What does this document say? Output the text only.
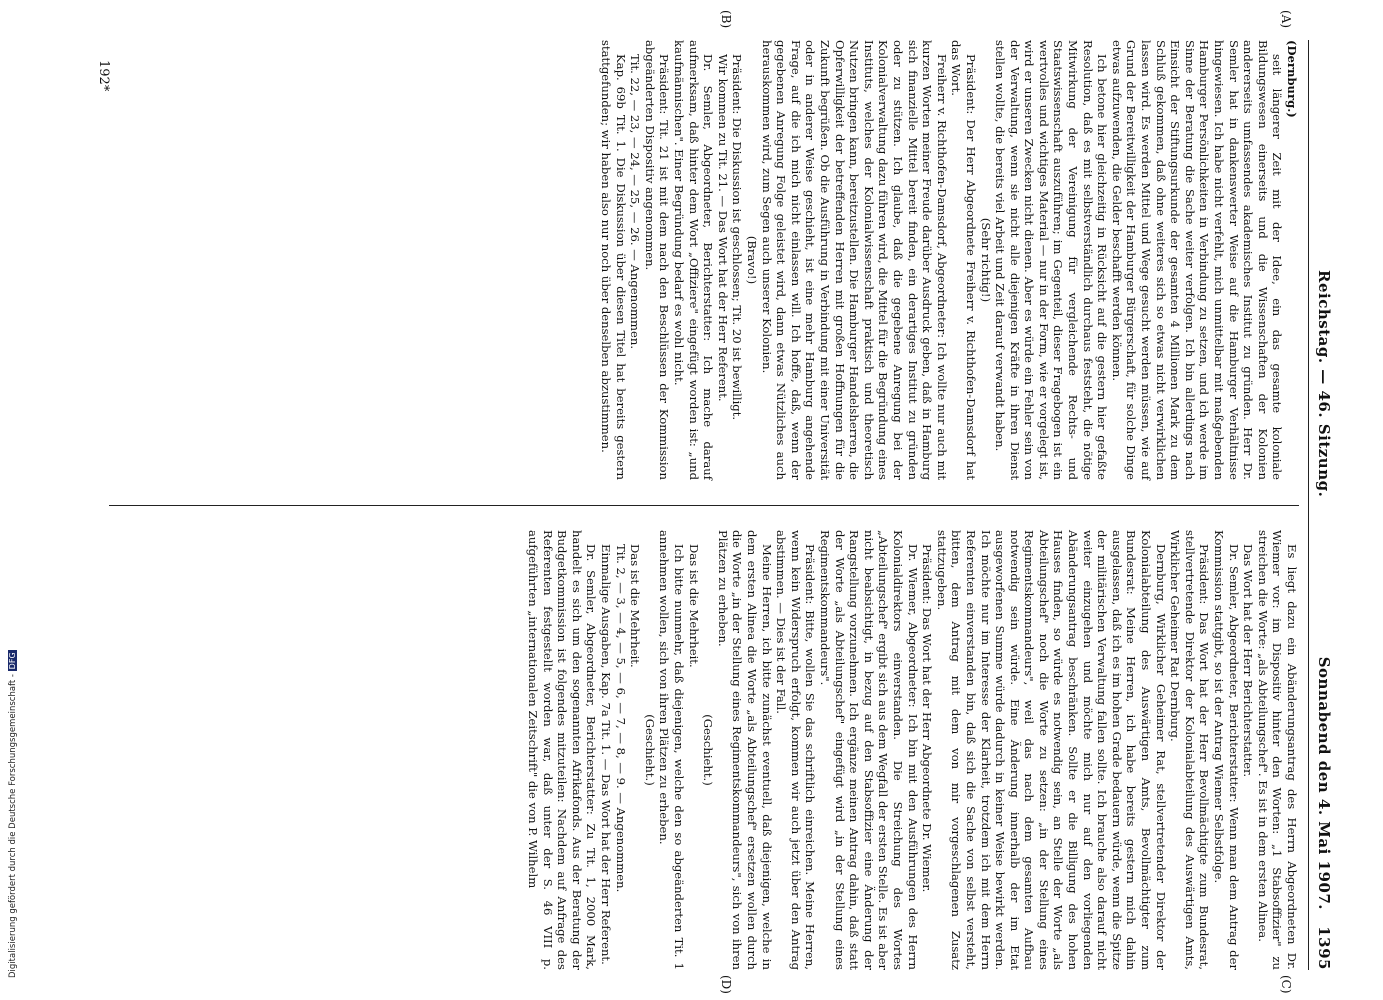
Reichstag. — 46. Sitzung.
Sonnabend den 4. Mai 1907.
1395

(Dernburg.)

seit längerer Zeit mit der Idee, ein das gesamte koloniale Bildungswesen einerseits und die Wissenschaften der Kolonien andererseits umfassendes akademisches Institut zu gründen. Herr Dr. Semler hat in dankenswerter Weise auf die Hamburger Verhältnisse hingewiesen. Ich habe nicht verfehlt, mich unmittelbar mit maßgebenden Hamburger Persönlichkeiten in Verbindung zu setzen, und ich werde im Sinne der Beratung die Sache weiter verfolgen. Ich bin allerdings nach Einsicht der Stiftungsurkunde der gesamten 4 Millionen Mark zu dem Schluß gekommen, daß ohne weiteres sich so etwas nicht verwirklichen lassen wird. Es werden Mittel und Wege gesucht werden müssen, wie auf Grund der Bereitwilligkeit der Hamburger Bürgerschaft, für solche Dinge etwas aufzuwenden, die Gelder beschafft werden können.

Ich betone hier gleichzeitig in Rücksicht auf die gestern hier gefaßte Resolution, daß es mit selbstverständlich durchaus feststeht, die nötige Mitwirkung der Vereinigung für vergleichende Rechts- und Staatswissenschaft auszuführen; im Gegenteil, dieser Fragebogen ist ein wertvolles und wichtiges Material — nur in der Form, wie er vorgelegt ist, wird er unseren Zwecken nicht dienen. Aber es würde ein Fehler sein von der Verwaltung, wenn sie nicht alle diejenigen Kräfte in ihren Dienst stellen wollte, die bereits viel Arbeit und Zeit darauf verwandt haben.

(Sehr richtig!)

Präsident: Der Herr Abgeordnete Freiherr v. Richthofen-Damsdorf hat das Wort.

Freiherr v. Richthofen-Damsdorf, Abgeordneter: Ich wollte nur auch mit kurzen Worten meiner Freude darüber Ausdruck geben, daß in Hamburg sich finanzielle Mittel bereit finden, ein derartiges Institut zu gründen oder zu stützen. Ich glaube, daß die gegebene Anregung bei der Kolonialverwaltung dazu führen wird, die Mittel für die Begründung eines Instituts, welches der Kolonialwissenschaft praktisch und theoretisch Nutzen bringen kann, bereitzustellen. Die Hamburger Handelsherren, die Opferwilligkeit der betreffenden Herren mit großen Hoffnungen für die Zukunft begrüßen. Ob die Ausführung in Verbindung mit einer Universität oder in anderer Weise geschieht, ist eine mehr Hamburg angehende Frage, auf die ich mich nicht einlassen will. Ich hoffe, daß, wenn der gegebenen Anregung Folge geleistet wird, dann etwas Nützliches auch herauskommen wird, zum Segen auch unserer Kolonien.

(Bravo!)

Präsident: Die Diskussion ist geschlossen; Tit. 20 ist bewilligt.

Wir kommen zu Tit. 21. — Das Wort hat der Herr Referent.

Dr. Semler, Abgeordneter, Berichterstatter: Ich mache darauf aufmerksam, daß hinter dem Wort „Offiziere" eingefügt worden ist: „und kaufmännischen". Einer Begründung bedarf es wohl nicht.

Präsident: Tit. 21 ist mit dem nach den Beschlüssen der Kommission abgeänderten Dispositiv angenommen.

Tit. 22, — 23, — 24, — 25, — 26. — Angenommen.

Kap. 69b Tit. 1. Die Diskussion über diesen Titel hat bereits gestern stattgefunden; wir haben also nur noch über denselben abzustimmen.

Es liegt dazu ein Abänderungsantrag des Herrn Abgeordneten Dr. Wiemer vor: im Dispositiv hinter den Worten: „1 Stabsoffizier" zu streichen die Worte: „als Abteilungschef". Es ist in dem ersten Alinea.

Das Wort hat der Herr Berichterstatter.

Dr. Semler, Abgeordneter, Berichterstatter: Wenn man dem Antrag der Kommission stattgibt, so ist der Antrag Wiemer Selbstfolge.

Präsident: Das Wort hat der Herr Bevollmächtigte zum Bundesrat, stellvertretende Direktor der Kolonialabteilung des Auswärtigen Amts, Wirklicher Geheimer Rat Dernburg.

Dernburg, Wirklicher Geheimer Rat, stellvertretender Direktor der Kolonialabteilung des Auswärtigen Amts, Bevollmächtigter zum Bundesrat: Meine Herren, ich habe bereits gestern mich dahin ausgelassen, daß ich es im hohen Grade bedauern würde, wenn die Spitze der militärischen Verwaltung fallen sollte. Ich brauche also darauf nicht weiter einzugehen und möchte mich nur auf den vorliegenden Abänderungsantrag beschränken. Sollte er die Billigung des hohen Hauses finden, so würde es notwendig sein, an Stelle der Worte „als Abteilungschef" noch die Worte zu setzen: „in der Stellung eines Regimentskommandeurs", weil das nach dem gesamten Aufbau notwendig sein würde. Eine Änderung innerhalb der im Etat ausgeworfenen Summe würde dadurch in keiner Weise bewirkt werden. Ich möchte nur im Interesse der Klarheit, trotzdem ich mit dem Herrn Referenten einverstanden bin, daß sich die Sache von selbst versteht, bitten, dem Antrag mit dem von mir vorgeschlagenen Zusatz stattzugeben.

Präsident: Das Wort hat der Herr Abgeordnete Dr. Wiemer.

Dr. Wiemer, Abgeordneter: Ich bin mit den Ausführungen des Herrn Kolonialdirektors einverstanden. Die Streichung des Wortes „Abteilungschef" ergibt sich aus dem Wegfall der ersten Stelle. Es ist aber nicht beabsichtigt, in bezug auf den Stabsoffizier eine Änderung der Rangstellung vorzunehmen. Ich ergänze meinen Antrag dahin, daß statt der Worte „als Abteilungschef" eingefügt wird „in der Stellung eines Regimentskommandeurs".

Präsident: Bitte, wollen Sie das schriftlich einreichen. Meine Herren, wenn kein Widerspruch erfolgt, kommen wir auch jetzt über den Antrag abstimmen. — Dies ist der Fall.

Meine Herren, ich bitte zunächst eventuell, daß diejenigen, welche in dem ersten Alinea die Worte „als Abteilungschef" ersetzen wollen durch die Worte „in der Stellung eines Regimentskommandeurs", sich von ihren Plätzen zu erheben.

(Geschieht.)

Das ist die Mehrheit.

Ich bitte nunmehr, daß diejenigen, welche den so abgeänderten Tit. 1 annehmen wollen, sich von ihren Plätzen zu erheben.

(Geschieht.)

Das ist die Mehrheit.

Tit. 2, — 3, — 4, — 5, — 6, — 7, — 8, — 9. — Angenommen.

Einmalige Ausgaben, Kap. 7a Tit. 1. — Das Wort hat der Herr Referent.

Dr. Semler, Abgeordneter, Berichterstatter: Zu Tit. 1, 2000 Mark, handelt es sich um den sogenannten Afrikafonds. Aus der Beratung der Budgetkommission ist folgendes mitzuteilen: Nachdem auf Anfrage des Referenten festgestellt worden war, daß unter der S. 46 VIII p. aufgeführten „internationalen Zeitschrift" die von P. Wilhelm

(A)
(B)
(C)
(D)
192*
Digitalisierung gefördert durch die Deutsche Forschungsgemeinschaft - DFG
